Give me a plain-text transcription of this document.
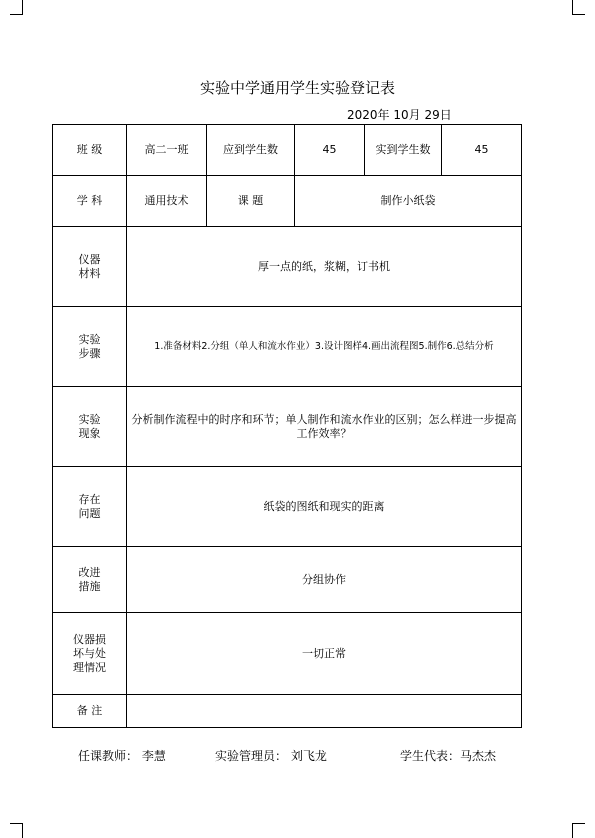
实验中学通用学生实验登记表
2020年 10月 29日
班 级	高二一班	应到学生数	45	实到学生数	45
学 科	通用技术	课 题	制作小纸袋		

仪器
材料	厚一点的纸，浆糊，订书机				

实验
步骤	1.准备材料2.分组（单人和流水作业）3.设计图样4.画出流程图5.制作6.总结分析				

实验
现象	分析制作流程中的时序和环节；单人制作和流水作业的区别；怎么样进一步提高工作效率？				

存在
问题	纸袋的图纸和现实的距离				

改进
措施	分组协作				

仪器损
坏与处
理情况	一切正常				
备 注					
任课教师： 李慧	实验管理员： 刘飞龙	学生代表：马杰杰
